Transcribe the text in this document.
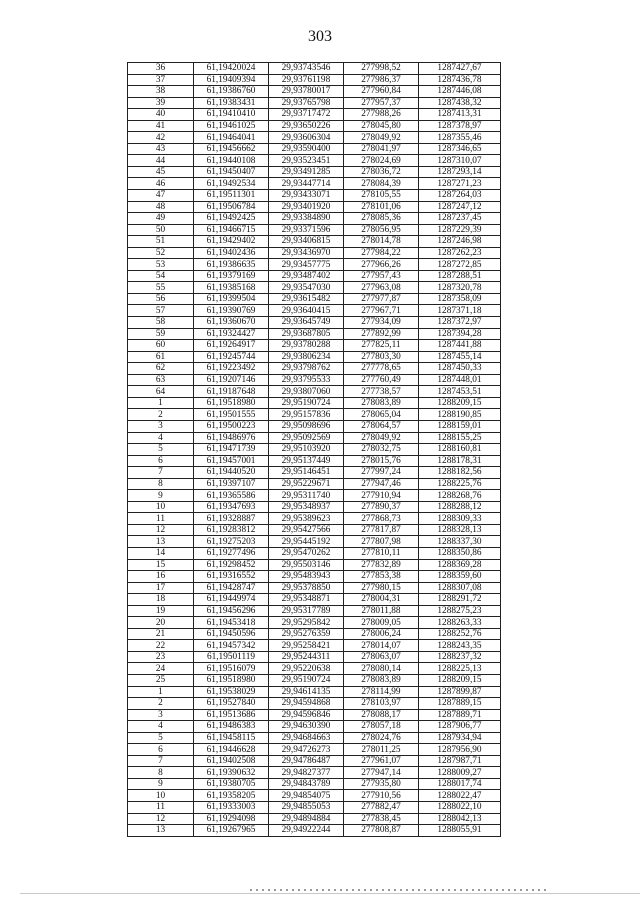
303
36	61,19420024	29,93743546	277998,52	1287427,67
37	61,19409394	29,93761198	277986,37	1287436,78
38	61,19386760	29,93780017	277960,84	1287446,08
39	61,19383431	29,93765798	277957,37	1287438,32
40	61,19410410	29,93717472	277988,26	1287413,31
41	61,19461025	29,93650226	278045,80	1287378,97
42	61,19464041	29,93606304	278049,92	1287355,46
43	61,19456662	29,93590400	278041,97	1287346,65
44	61,19440108	29,93523451	278024,69	1287310,07
45	61,19450407	29,93491285	278036,72	1287293,14
46	61,19492534	29,93447714	278084,39	1287271,23
47	61,19511301	29,93433071	278105,55	1287264,03
48	61,19506784	29,93401920	278101,06	1287247,12
49	61,19492425	29,93384890	278085,36	1287237,45
50	61,19466715	29,93371596	278056,95	1287229,39
51	61,19429402	29,93406815	278014,78	1287246,98
52	61,19402436	29,93436970	277984,22	1287262,23
53	61,19386635	29,93457775	277966,26	1287272,85
54	61,19379169	29,93487402	277957,43	1287288,51
55	61,19385168	29,93547030	277963,08	1287320,78
56	61,19399504	29,93615482	277977,87	1287358,09
57	61,19390769	29,93640415	277967,71	1287371,18
58	61,19360670	29,93645749	277934,09	1287372,97
59	61,19324427	29,93687805	277892,99	1287394,28
60	61,19264917	29,93780288	277825,11	1287441,88
61	61,19245744	29,93806234	277803,30	1287455,14
62	61,19223492	29,93798762	277778,65	1287450,33
63	61,19207146	29,93795533	277760,49	1287448,01
64	61,19187648	29,93807060	277738,57	1287453,51
1	61,19518980	29,95190724	278083,89	1288209,15
2	61,19501555	29,95157836	278065,04	1288190,85
3	61,19500223	29,95098696	278064,57	1288159,01
4	61,19486976	29,95092569	278049,92	1288155,25
5	61,19471739	29,95103920	278032,75	1288160,81
6	61,19457001	29,95137449	278015,76	1288178,31
7	61,19440520	29,95146451	277997,24	1288182,56
8	61,19397107	29,95229671	277947,46	1288225,76
9	61,19365586	29,95311740	277910,94	1288268,76
10	61,19347693	29,95348937	277890,37	1288288,12
11	61,19328887	29,95389623	277868,73	1288309,33
12	61,19283812	29,95427566	277817,87	1288328,13
13	61,19275203	29,95445192	277807,98	1288337,30
14	61,19277496	29,95470262	277810,11	1288350,86
15	61,19298452	29,95503146	277832,89	1288369,28
16	61,19316552	29,95483943	277853,38	1288359,60
17	61,19428747	29,95378850	277980,15	1288307,08
18	61,19449974	29,95348871	278004,31	1288291,72
19	61,19456296	29,95317789	278011,88	1288275,23
20	61,19453418	29,95295842	278009,05	1288263,33
21	61,19450596	29,95276359	278006,24	1288252,76
22	61,19457342	29,95258421	278014,07	1288243,35
23	61,19501119	29,95244311	278063,07	1288237,32
24	61,19516079	29,95220638	278080,14	1288225,13
25	61,19518980	29,95190724	278083,89	1288209,15
1	61,19538029	29,94614135	278114,99	1287899,87
2	61,19527840	29,94594868	278103,97	1287889,15
3	61,19513686	29,94596846	278088,17	1287889,71
4	61,19486383	29,94630390	278057,18	1287906,77
5	61,19458115	29,94684663	278024,76	1287934,94
6	61,19446628	29,94726273	278011,25	1287956,90
7	61,19402508	29,94786487	277961,07	1287987,71
8	61,19390632	29,94827377	277947,14	1288009,27
9	61,19380705	29,94843789	277935,80	1288017,74
10	61,19358205	29,94854075	277910,56	1288022,47
11	61,19333003	29,94855053	277882,47	1288022,10
12	61,19294098	29,94894884	277838,45	1288042,13
13	61,19267965	29,94922244	277808,87	1288055,91
